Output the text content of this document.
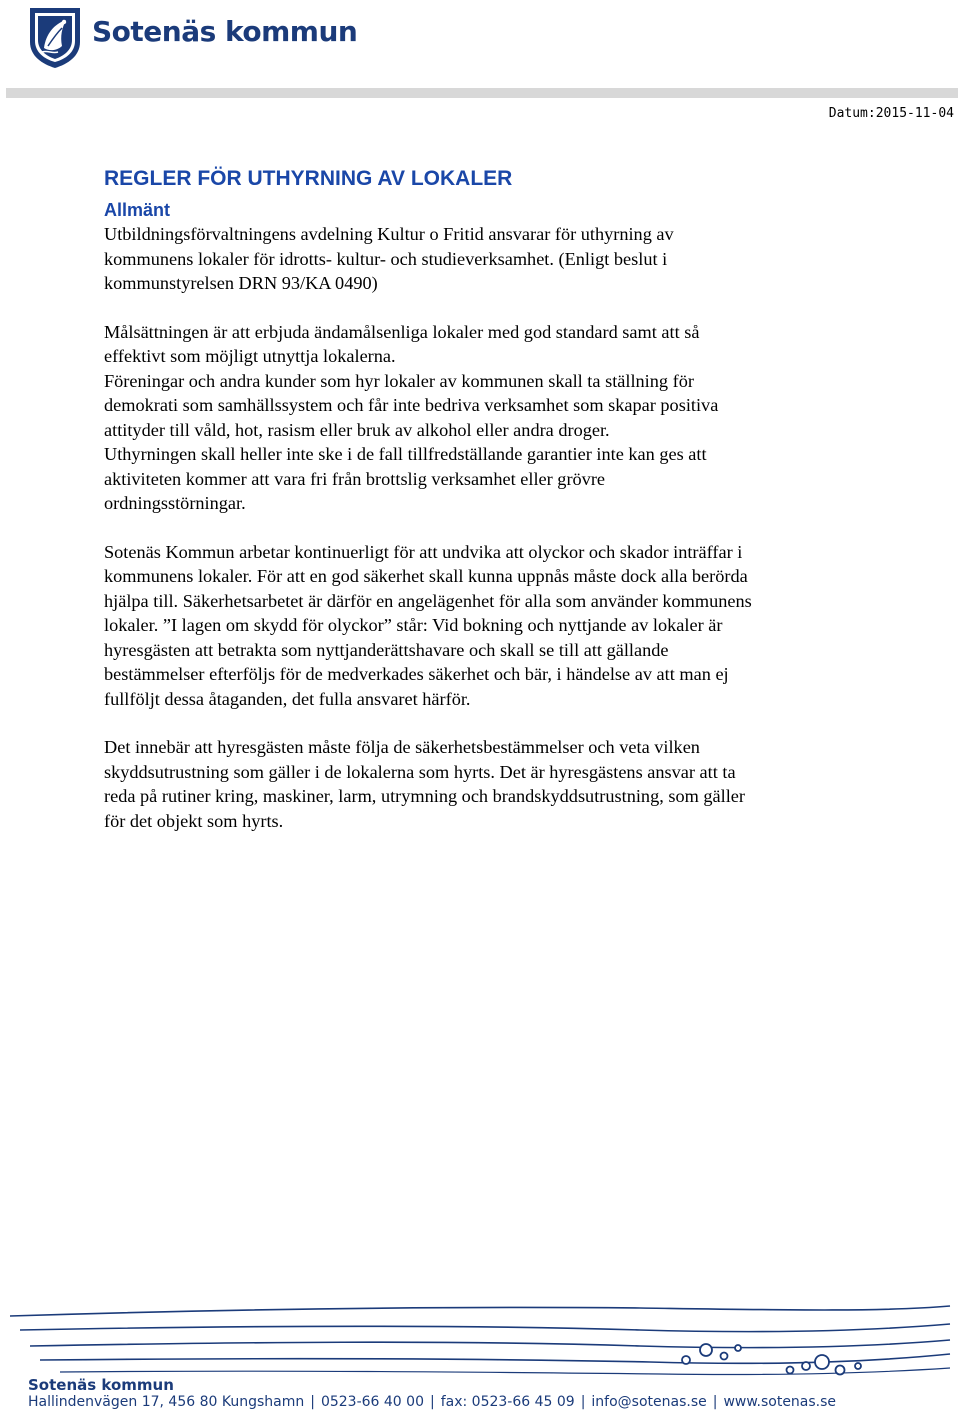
Sotenäs kommun
Datum:2015-11-04
REGLER FÖR UTHYRNING AV LOKALER
Allmänt

Utbildningsförvaltningens avdelning Kultur o Fritid ansvarar för uthyrning av
kommunens lokaler för idrotts- kultur- och studieverksamhet. (Enligt beslut i
kommunstyrelsen DRN 93/KA 0490)

Målsättningen är att erbjuda ändamålsenliga lokaler med god standard samt att så
effektivt som möjligt utnyttja lokalerna.
Föreningar och andra kunder som hyr lokaler av kommunen skall ta ställning för
demokrati som samhällssystem och får inte bedriva verksamhet som skapar positiva
attityder till våld, hot, rasism eller bruk av alkohol eller andra droger.
Uthyrningen skall heller inte ske i de fall tillfredställande garantier inte kan ges att
aktiviteten kommer att vara fri från brottslig verksamhet eller grövre
ordningsstörningar.

Sotenäs Kommun arbetar kontinuerligt för att undvika att olyckor och skador inträffar i
kommunens lokaler. För att en god säkerhet skall kunna uppnås måste dock alla berörda
hjälpa till. Säkerhetsarbetet är därför en angelägenhet för alla som använder kommunens
lokaler. ”I lagen om skydd för olyckor” står: Vid bokning och nyttjande av lokaler är
hyresgästen att betrakta som nyttjanderättshavare och skall se till att gällande
bestämmelser efterföljs för de medverkades säkerhet och bär, i händelse av att man ej
fullföljt dessa åtaganden, det fulla ansvaret härför.

Det innebär att hyresgästen måste följa de säkerhetsbestämmelser och veta vilken
skyddsutrustning som gäller i de lokalerna som hyrts. Det är hyresgästens ansvar att ta
reda på rutiner kring, maskiner, larm, utrymning och brandskyddsutrustning, som gäller
för det objekt som hyrts.

Sotenäs kommun
Hallindenvägen 17, 456 80 Kungshamn | 0523-66 40 00 | fax: 0523-66 45 09 | info@sotenas.se | www.sotenas.se
